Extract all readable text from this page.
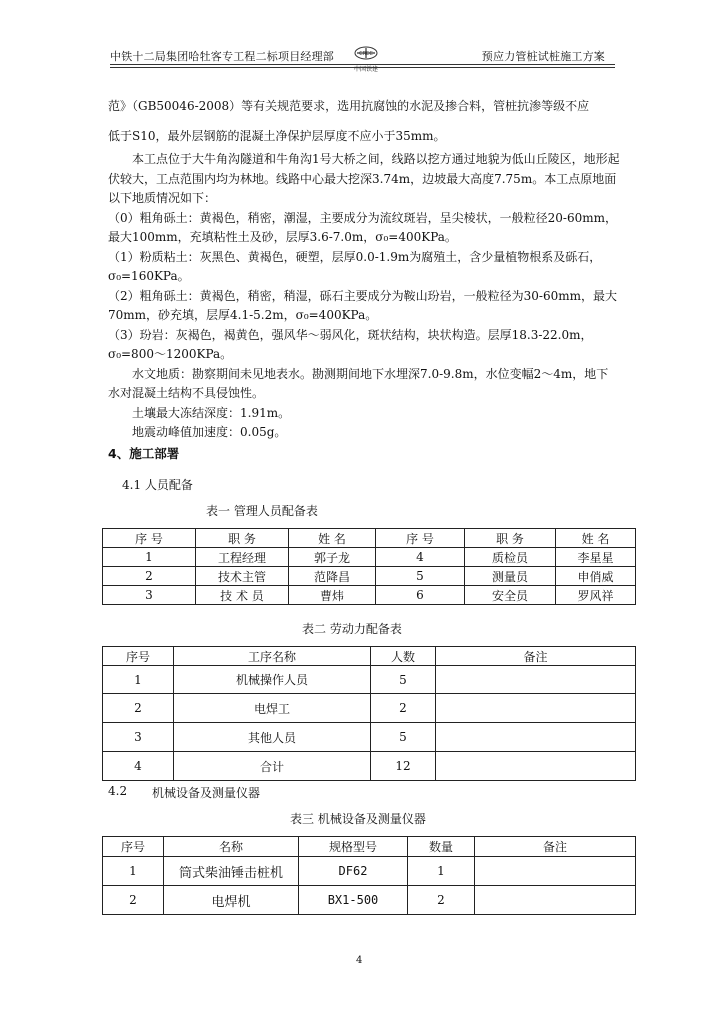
中铁十二局集团哈牡客专工程二标项目经理部	CRCC
中国铁建
预应力管桩试桩施工方案

范》（GB50046-2008）等有关规范要求，选用抗腐蚀的水泥及掺合料，管桩抗渗等级不应

低于S10，最外层钢筋的混凝土净保护层厚度不应小于35mm。

本工点位于大牛角沟隧道和牛角沟1号大桥之间，线路以挖方通过地貌为低山丘陵区，地形起伏较大，工点范围内均为林地。线路中心最大挖深3.74m，边坡最大高度7.75m。本工点原地面以下地质情况如下：

（0）粗角砾土：黄褐色，稍密，潮湿，主要成分为流纹斑岩，呈尖棱状，一般粒径20-60mm，最大100mm，充填粘性土及砂，层厚3.6-7.0m，σ₀=400KPa。

（1）粉质粘土：灰黑色、黄褐色，硬塑，层厚0.0-1.9m为腐殖土，含少量植物根系及砾石，σ₀=160KPa。

（2）粗角砾土：黄褐色，稍密，稍湿，砾石主要成分为鞍山玢岩，一般粒径为30-60mm，最大70mm，砂充填，层厚4.1-5.2m，σ₀=400KPa。

（3）玢岩：灰褐色，褐黄色，强风华～弱风化，斑状结构，块状构造。层厚18.3-22.0m，σ₀=800～1200KPa。

水文地质：勘察期间未见地表水。勘测期间地下水埋深7.0-9.8m，水位变幅2～4m，地下水对混凝土结构不具侵蚀性。

土壤最大冻结深度：1.91m。

地震动峰值加速度：0.05g。

4、施工部署
4.1 人员配备
表一 管理人员配备表
序 号	职 务	姓 名	序 号	职 务	姓 名
1	工程经理	郭子龙	4	质检员	李星星
2	技术主管	范降昌	5	测量员	申俏威
3	技 术 员	曹炜	6	安全员	罗风祥
表二 劳动力配备表
序号	工序名称	人数	备注
1	机械操作人员	5	
2	电焊工	2	
3	其他人员	5	
4	合计	12	
4.2 机械设备及测量仪器
表三 机械设备及测量仪器
序号	名称	规格型号	数量	备注
1	筒式柴油锤击桩机	DF62	1	
2	电焊机	BX1-500	2	
4
